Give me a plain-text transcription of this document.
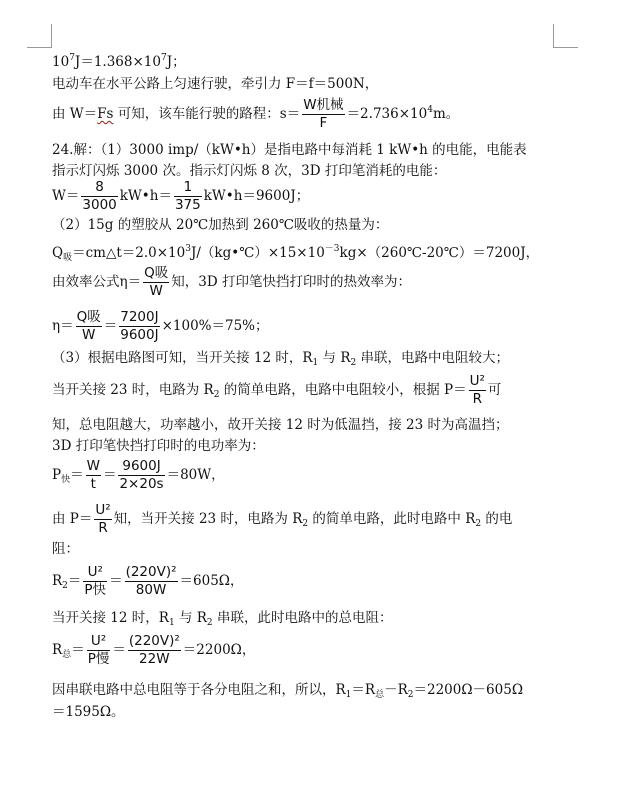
$10^7J=1.368\times 10^7J$；
电动车在水平公路上匀速行驶，牵引力 F＝f＝500N，
由 W＝Fs 可知，该车能行驶的路程：$s= \frac{\text{W机械}}{F} =2.736\times 10^4m$。
24.解：（1）3000 imp/（kW•h）是指电路中每消耗 1 kW•h 的电能，电能表
指示灯闪烁 3000 次。指示灯闪烁 8 次，3D 打印笔消耗的电能：
$W= \frac{8}{3000}$ kW•h＝ $\frac{1}{375}$ kW•h＝9600J；
（2）15g 的塑胶从 20℃加热到 260℃吸收的热量为：
$Q_吸=cm\triangle t=2.0\times 10^3J/(kg•℃)\times 15\times 10^{-3}kg\times(260℃-20℃)=7200J$，
由效率公式$\eta= \frac{\text{Q吸}}{W}$ 知，3D 打印笔快挡打印时的热效率为：
$\eta= \frac{\text{Q吸}}{W} = \frac{7200J}{9600J} \times 100\%=75\%$；
（3）根据电路图可知，当开关接 12 时，$R_1$ 与 $R_2$ 串联，电路中电阻较大；
当开关接 23 时，电路为 $R_2$ 的简单电路，电路中电阻较小，根据 $P= \frac{\text{U²}}{R}$ 可
知，总电阻越大，功率越小，故开关接 12 时为低温挡，接 23 时为高温挡；
3D 打印笔快挡打印时的电功率为：
$P_快= \frac{W}{t} = \frac{9600J}{2\times 20s} =80W$，
由 $P= \frac{\text{U²}}{R}$ 知，当开关接 23 时，电路为 $R_2$ 的简单电路，此时电路中 $R_2$ 的电
阻：
$R_2= \frac{\text{U²}}{\text{P快}} = \frac{\text{(220V)²}}{80W} =605\Omega$，
当开关接 12 时，$R_1$ 与 $R_2$ 串联，此时电路中的总电阻：
$R_总= \frac{\text{U²}}{\text{P慢}} = \frac{\text{(220V)²}}{22W} =2200\Omega$，
因串联电路中总电阻等于各分电阻之和，所以，$R_1=R_总-R_2=2200\Omega-605\Omega$
＝1595Ω。
